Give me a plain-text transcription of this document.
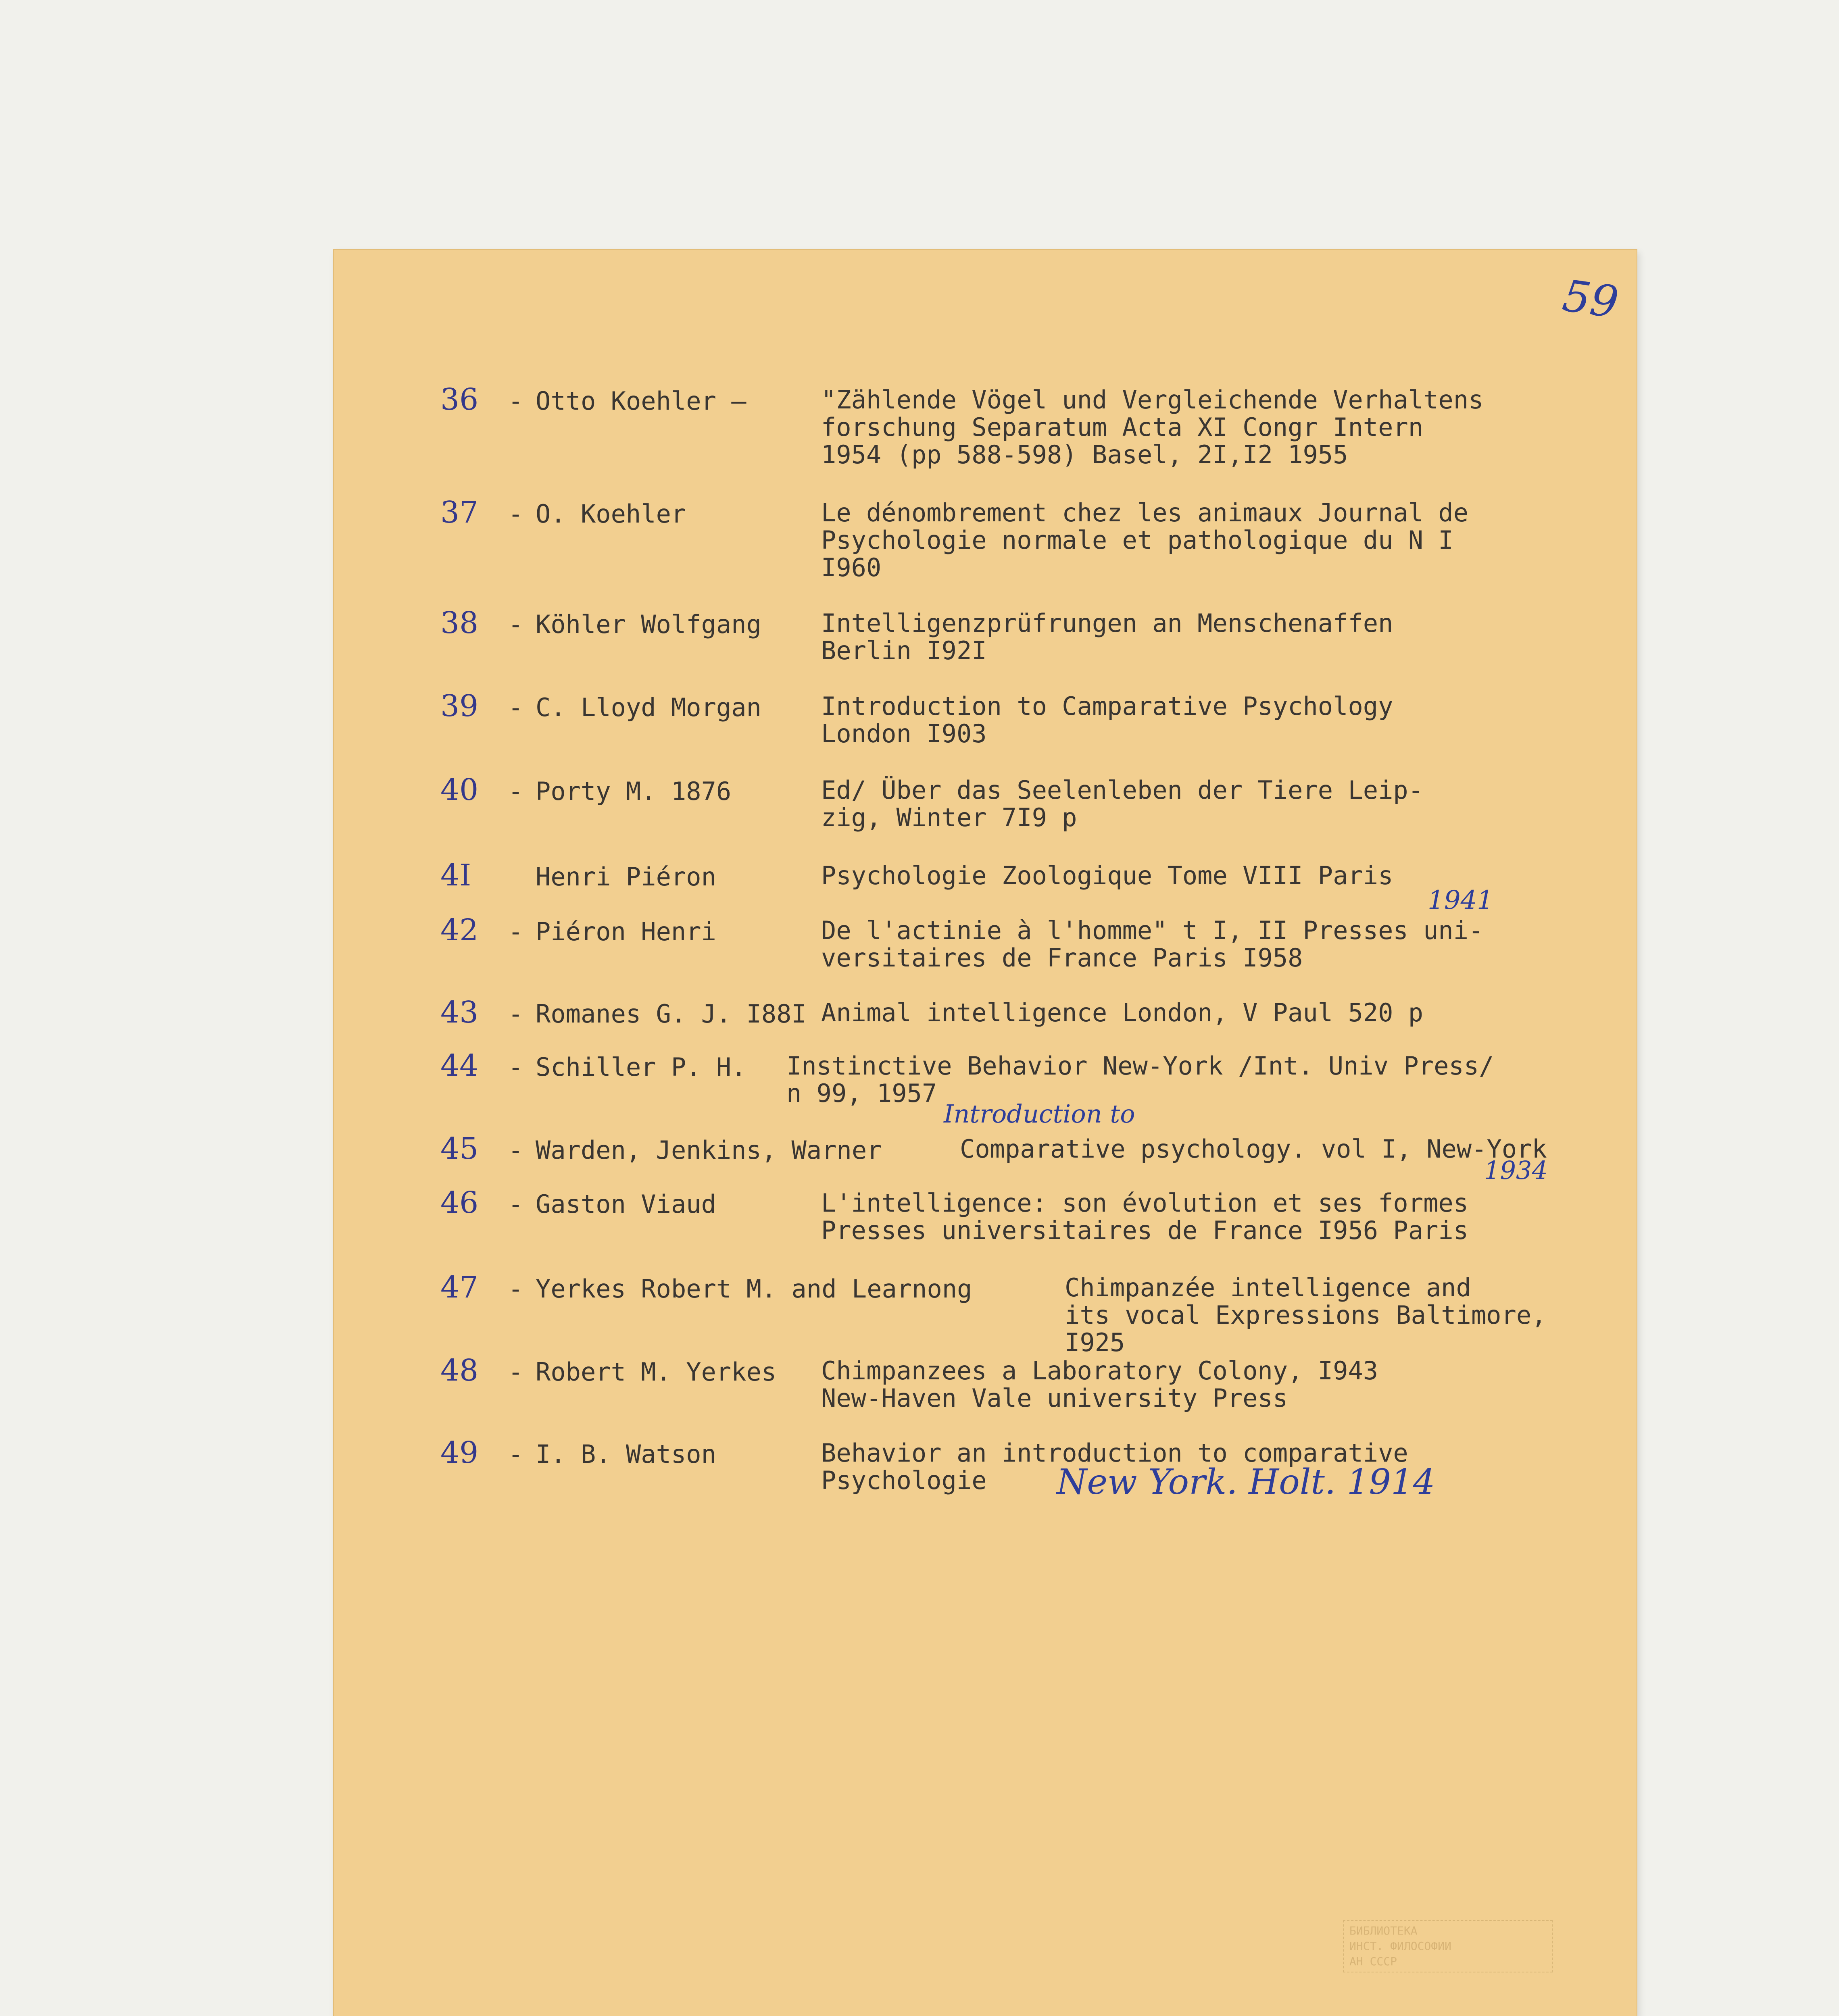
59
36 - Otto Koehler –	"Zählende Vögel und Vergleichende Verhaltens
forschung Separatum Acta XI Congr Intern
1954 (pp 588-598) Basel, 2I,I2 1955
37 - O. Koehler	Le dénombrement chez les animaux Journal de
Psychologie normale et pathologique du N I
I960
38 - Köhler Wolfgang	Intelligenzprüfrungen an Menschenaffen
Berlin I92I
39 - C. Lloyd Morgan	Introduction to Camparative Psychology
London I903
40 - Porty M. 1876	Ed/ Über das Seelenleben der Tiere Leip-
zig, Winter 7I9 p
4I	Henri Piéron	Psychologie Zoologique Tome VIII Paris
42 - Piéron Henri	De l'actinie à l'homme" t I, II Presses uni-
versitaires de France Paris I958
1941
43 - Romanes G. J. I88I Animal intelligence London, V Paul 520 p
44 - Schiller P. H.	Instinctive Behavior New-York /Int. Univ Press/
n 99, 1957
Introduction to
45 - Warden, Jenkins, Warner	Comparative psychology. vol I, New-York
1934
46 - Gaston Viaud	L'intelligence: son évolution et ses formes
Presses universitaires de France I956 Paris
47 - Yerkes Robert M. and Learnong	Chimpanzée intelligence and
its vocal Expressions Baltimore, I925
48 - Robert M. Yerkes	Chimpanzees a Laboratory Colony, I943
New-Haven Vale university Press
49 - I. B. Watson	Behavior an introduction to comparative
Psychologie	New York. Holt. 1914
БИБЛИОТЕКА
ИНСТ. ФИЛОСОФИИ
АН СССР
